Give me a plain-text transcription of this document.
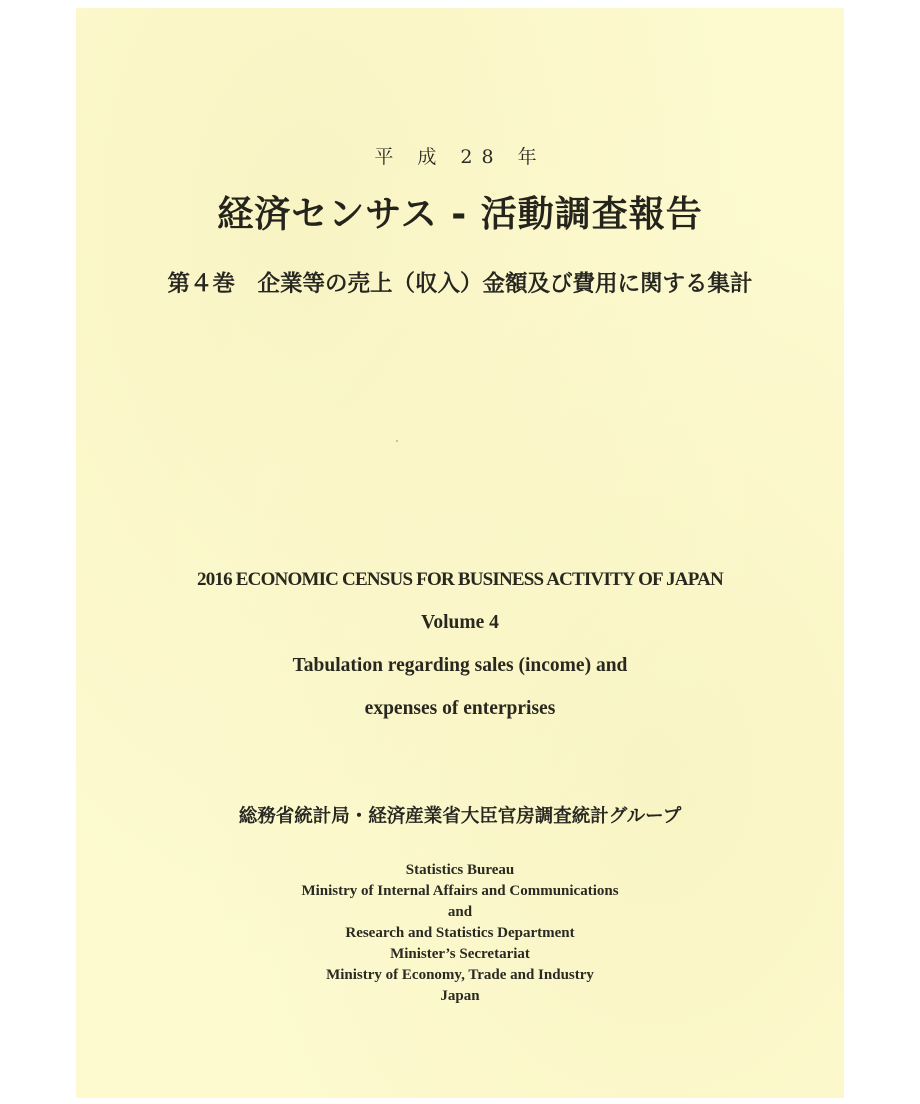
平 成 28 年
経済センサス - 活動調査報告
第４巻　企業等の売上（収入）金額及び費用に関する集計
2016 ECONOMIC CENSUS FOR BUSINESS ACTIVITY OF JAPAN
Volume 4
Tabulation regarding sales (income) and
expenses of enterprises
総務省統計局・経済産業省大臣官房調査統計グループ
Statistics Bureau
Ministry of Internal Affairs and Communications
and
Research and Statistics Department
Minister’s Secretariat
Ministry of Economy, Trade and Industry
Japan
